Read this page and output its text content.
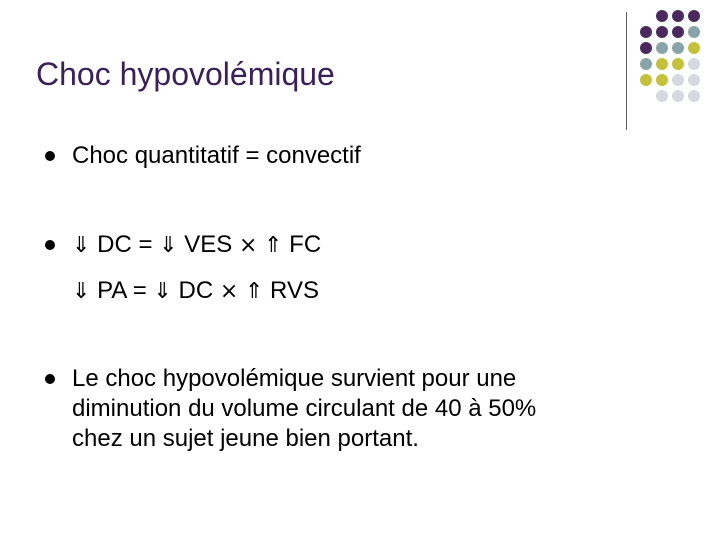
Choc hypovolémique
Choc quantitatif = convectif
⇓ DC = ⇓ VES × ⇑ FC
⇓ PA = ⇓ DC × ⇑ RVS
Le choc hypovolémique survient pour une
diminution du volume circulant de 40 à 50%
chez un sujet jeune bien portant.
